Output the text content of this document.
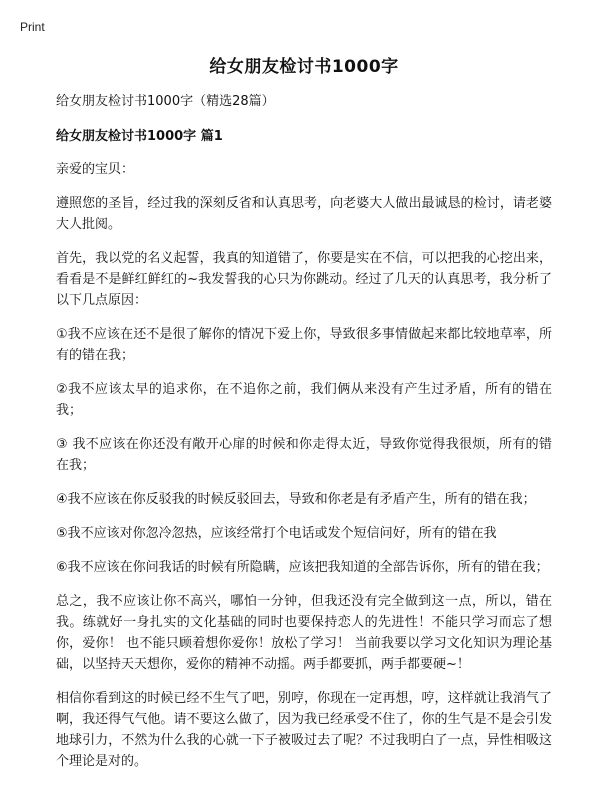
Print
给女朋友检讨书1000字

给女朋友检讨书1000字（精选28篇）

给女朋友检讨书1000字 篇1

亲爱的宝贝：

遵照您的圣旨，经过我的深刻反省和认真思考，向老婆大人做出最诚恳的检讨，请老婆大人批阅。

首先，我以党的名义起誓，我真的知道错了，你要是实在不信，可以把我的心挖出来，看看是不是鲜红鲜红的~我发誓我的心只为你跳动。经过了几天的认真思考，我分析了以下几点原因：

①我不应该在还不是很了解你的情况下爱上你，导致很多事情做起来都比较地草率，所有的错在我；

②我不应该太早的追求你，在不追你之前，我们俩从来没有产生过矛盾，所有的错在我；

③ 我不应该在你还没有敞开心扉的时候和你走得太近，导致你觉得我很烦，所有的错在我；

④我不应该在你反驳我的时候反驳回去，导致和你老是有矛盾产生，所有的错在我；

⑤我不应该对你忽冷忽热，应该经常打个电话或发个短信问好，所有的错在我

⑥我不应该在你问我话的时候有所隐瞒，应该把我知道的全部告诉你，所有的错在我；

总之，我不应该让你不高兴，哪怕一分钟，但我还没有完全做到这一点，所以，错在我。练就好一身扎实的文化基础的同时也要保持恋人的先进性！不能只学习而忘了想你，爱你！ 也不能只顾着想你爱你！放松了学习！ 当前我要以学习文化知识为理论基础，以坚持天天想你，爱你的精神不动摇。两手都要抓，两手都要硬~！

相信你看到这的时候已经不生气了吧，别哼，你现在一定再想，哼，这样就让我消气了啊，我还得气气他。请不要这么做了，因为我已经承受不住了，你的生气是不是会引发地球引力，不然为什么我的心就一下子被吸过去了呢？不过我明白了一点，异性相吸这个理论是对的。
